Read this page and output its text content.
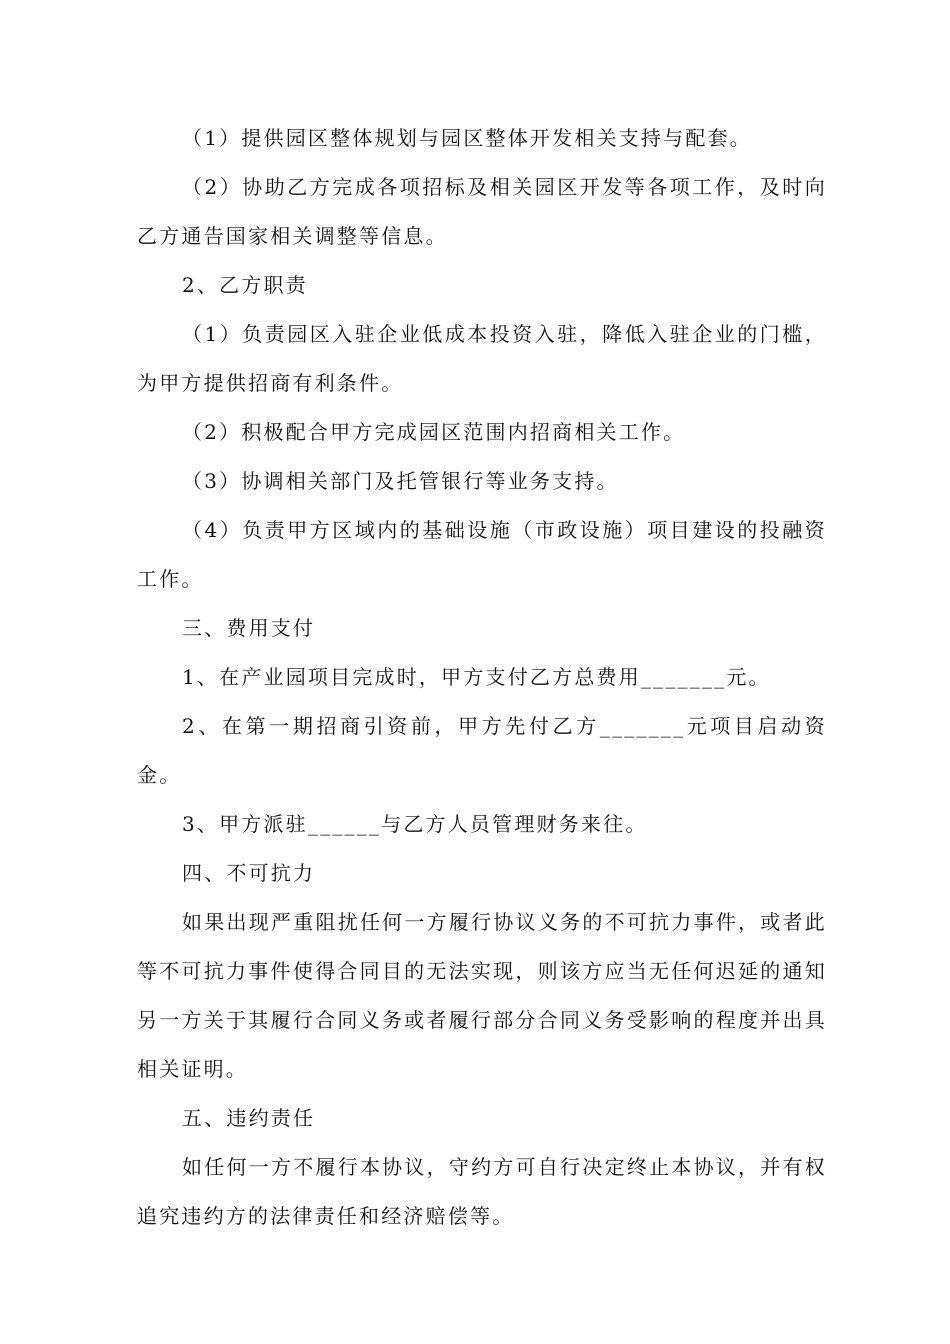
（1）提供园区整体规划与园区整体开发相关支持与配套。

（2）协助乙方完成各项招标及相关园区开发等各项工作，及时向乙方通告国家相关调整等信息。

2、乙方职责

（1）负责园区入驻企业低成本投资入驻，降低入驻企业的门槛，为甲方提供招商有利条件。

（2）积极配合甲方完成园区范围内招商相关工作。

（3）协调相关部门及托管银行等业务支持。

（4）负责甲方区域内的基础设施（市政设施）项目建设的投融资工作。

三、费用支付

1、在产业园项目完成时，甲方支付乙方总费用_______元。

2、在第一期招商引资前，甲方先付乙方_______元项目启动资金。

3、甲方派驻______与乙方人员管理财务来往。

四、不可抗力

如果出现严重阻扰任何一方履行协议义务的不可抗力事件，或者此等不可抗力事件使得合同目的无法实现，则该方应当无任何迟延的通知另一方关于其履行合同义务或者履行部分合同义务受影响的程度并出具相关证明。

五、违约责任

如任何一方不履行本协议，守约方可自行决定终止本协议，并有权追究违约方的法律责任和经济赔偿等。
